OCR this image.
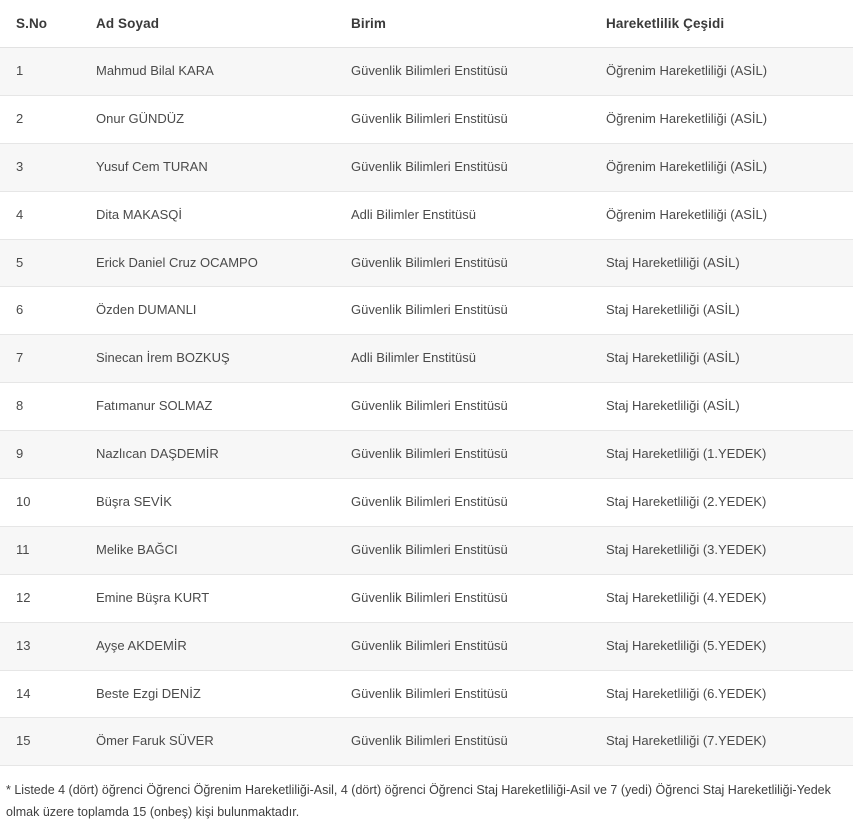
S.No	Ad Soyad	Birim	Hareketlilik Çeşidi
1	Mahmud Bilal KARA	Güvenlik Bilimleri Enstitüsü	Öğrenim Hareketliliği (ASİL)
2	Onur GÜNDÜZ	Güvenlik Bilimleri Enstitüsü	Öğrenim Hareketliliği (ASİL)
3	Yusuf Cem TURAN	Güvenlik Bilimleri Enstitüsü	Öğrenim Hareketliliği (ASİL)
4	Dita MAKASQİ	Adli Bilimler Enstitüsü	Öğrenim Hareketliliği (ASİL)
5	Erick Daniel Cruz OCAMPO	Güvenlik Bilimleri Enstitüsü	Staj Hareketliliği (ASİL)
6	Özden DUMANLI	Güvenlik Bilimleri Enstitüsü	Staj Hareketliliği (ASİL)
7	Sinecan İrem BOZKUŞ	Adli Bilimler Enstitüsü	Staj Hareketliliği (ASİL)
8	Fatımanur SOLMAZ	Güvenlik Bilimleri Enstitüsü	Staj Hareketliliği (ASİL)
9	Nazlıcan DAŞDEMİR	Güvenlik Bilimleri Enstitüsü	Staj Hareketliliği (1.YEDEK)
10	Büşra SEVİK	Güvenlik Bilimleri Enstitüsü	Staj Hareketliliği (2.YEDEK)
11	Melike BAĞCI	Güvenlik Bilimleri Enstitüsü	Staj Hareketliliği (3.YEDEK)
12	Emine Büşra KURT	Güvenlik Bilimleri Enstitüsü	Staj Hareketliliği (4.YEDEK)
13	Ayşe AKDEMİR	Güvenlik Bilimleri Enstitüsü	Staj Hareketliliği (5.YEDEK)
14	Beste Ezgi DENİZ	Güvenlik Bilimleri Enstitüsü	Staj Hareketliliği (6.YEDEK)
15	Ömer Faruk SÜVER	Güvenlik Bilimleri Enstitüsü	Staj Hareketliliği (7.YEDEK)
* Listede 4 (dört) öğrenci Öğrenci Öğrenim Hareketliliği-Asil, 4 (dört) öğrenci Öğrenci Staj Hareketliliği-Asil ve 7 (yedi) Öğrenci Staj Hareketliliği-Yedek
olmak üzere toplamda 15 (onbeş) kişi bulunmaktadır.
